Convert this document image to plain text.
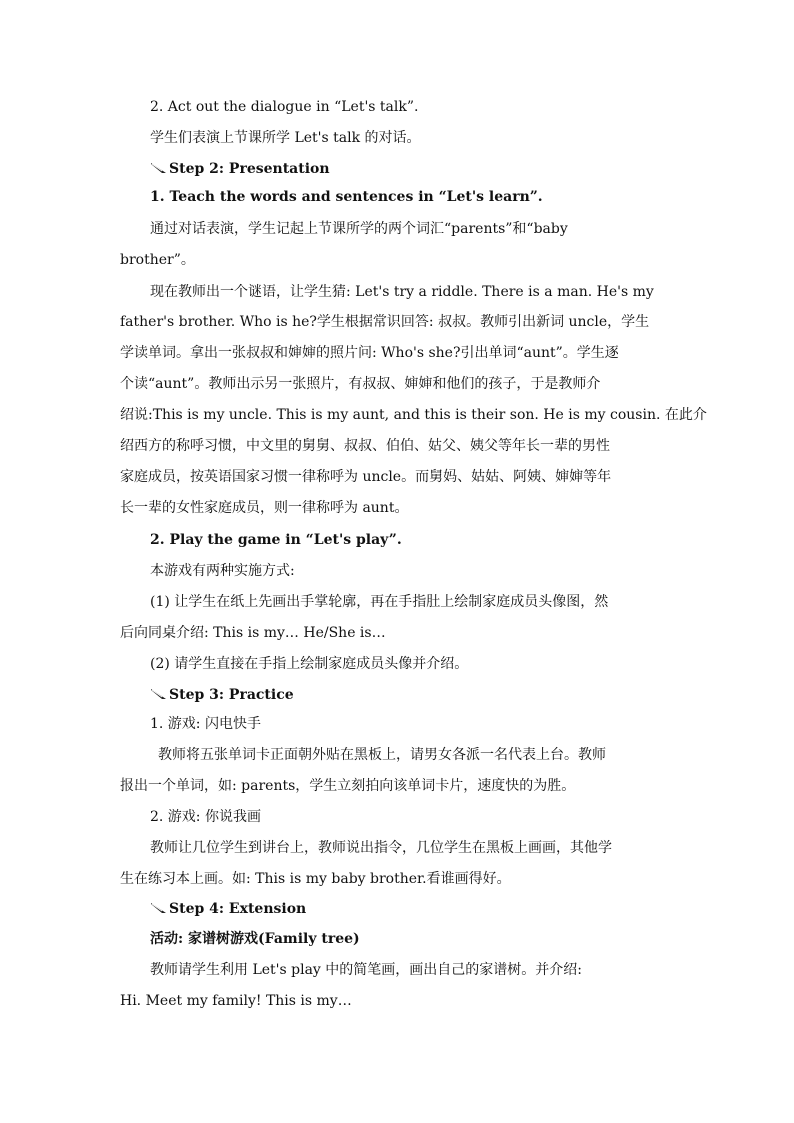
2. Act out the dialogue in “Let's talk”.
学生们表演上节课所学 Let's talk 的对话。
Step 2: Presentation
1. Teach the words and sentences in “Let's learn”.
通过对话表演，学生记起上节课所学的两个词汇“parents”和“baby
brother”。
现在教师出一个谜语，让学生猜: Let's try a riddle. There is a man. He's my
father's brother. Who is he?学生根据常识回答: 叔叔。教师引出新词 uncle，学生
学读单词。拿出一张叔叔和婶婶的照片问: Who's she?引出单词“aunt”。学生逐
个读“aunt”。教师出示另一张照片，有叔叔、婶婶和他们的孩子，于是教师介
绍说:This is my uncle. This is my aunt, and this is their son. He is my cousin. 在此介
绍西方的称呼习惯，中文里的舅舅、叔叔、伯伯、姑父、姨父等年长一辈的男性
家庭成员，按英语国家习惯一律称呼为 uncle。而舅妈、姑姑、阿姨、婶婶等年
长一辈的女性家庭成员，则一律称呼为 aunt。
2. Play the game in “Let's play”.
本游戏有两种实施方式:
(1) 让学生在纸上先画出手掌轮廓，再在手指肚上绘制家庭成员头像图，然
后向同桌介绍: This is my… He/She is…
(2) 请学生直接在手指上绘制家庭成员头像并介绍。
Step 3: Practice
1. 游戏: 闪电快手
教师将五张单词卡正面朝外贴在黑板上，请男女各派一名代表上台。教师
报出一个单词，如: parents，学生立刻拍向该单词卡片，速度快的为胜。
2. 游戏: 你说我画
教师让几位学生到讲台上，教师说出指令，几位学生在黑板上画画，其他学
生在练习本上画。如: This is my baby brother.看谁画得好。
Step 4: Extension
活动: 家谱树游戏(Family tree)
教师请学生利用 Let's play 中的简笔画，画出自己的家谱树。并介绍:
Hi. Meet my family! This is my…
